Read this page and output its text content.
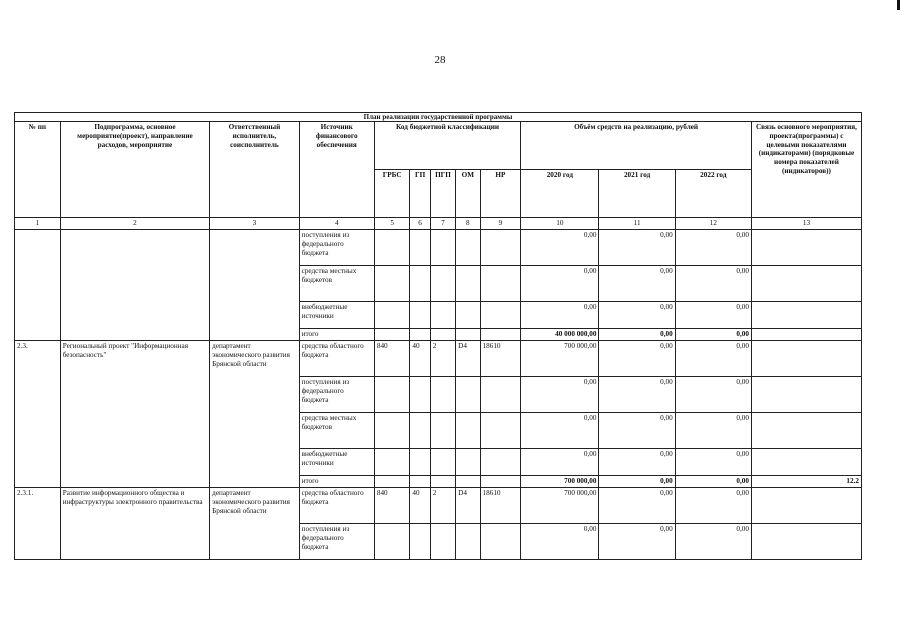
28
План реализации государственной программы												
№ пп	Подпрограмма, основное мероприятие(проект), направление расходов, мероприятие	Ответственный исполнитель, соисполнитель	Источник финансового обеспечения	Код бюджетной классификации					Объём средств на реализацию, рублей			Связь основного мероприятия, проекта(программы) с целевыми показателями (индикаторами) (порядковые номера показателей (индикаторов))
				ГРБС	ГП	ПГП	ОМ	НР	2020 год	2021 год	2022 год	
1	2	3	4	5	6	7	8	9	10	11	12	13
			поступления из федерального бюджета						0,00	0,00	0,00	
			средства местных бюджетов						0,00	0,00	0,00	
			внебюджетные источники						0,00	0,00	0,00	
			итого						40 000 000,00	0,00	0,00	
2.3.	Региональный проект "Информационная безопасность"	департамент экономического развития Брянской области	средства областного бюджета	840	40	2	D4	18610	700 000,00	0,00	0,00	
			поступления из федерального бюджета						0,00	0,00	0,00	
			средства местных бюджетов						0,00	0,00	0,00	
			внебюджетные источники						0,00	0,00	0,00	
			итого						700 000,00	0,00	0,00	12.2
2.3.1.	Развитие информационного общества и инфраструктуры электронного правительства	департамент экономического развития Брянской области	средства областного бюджета	840	40	2	D4	18610	700 000,00	0,00	0,00	
			поступления из федерального бюджета						0,00	0,00	0,00	
